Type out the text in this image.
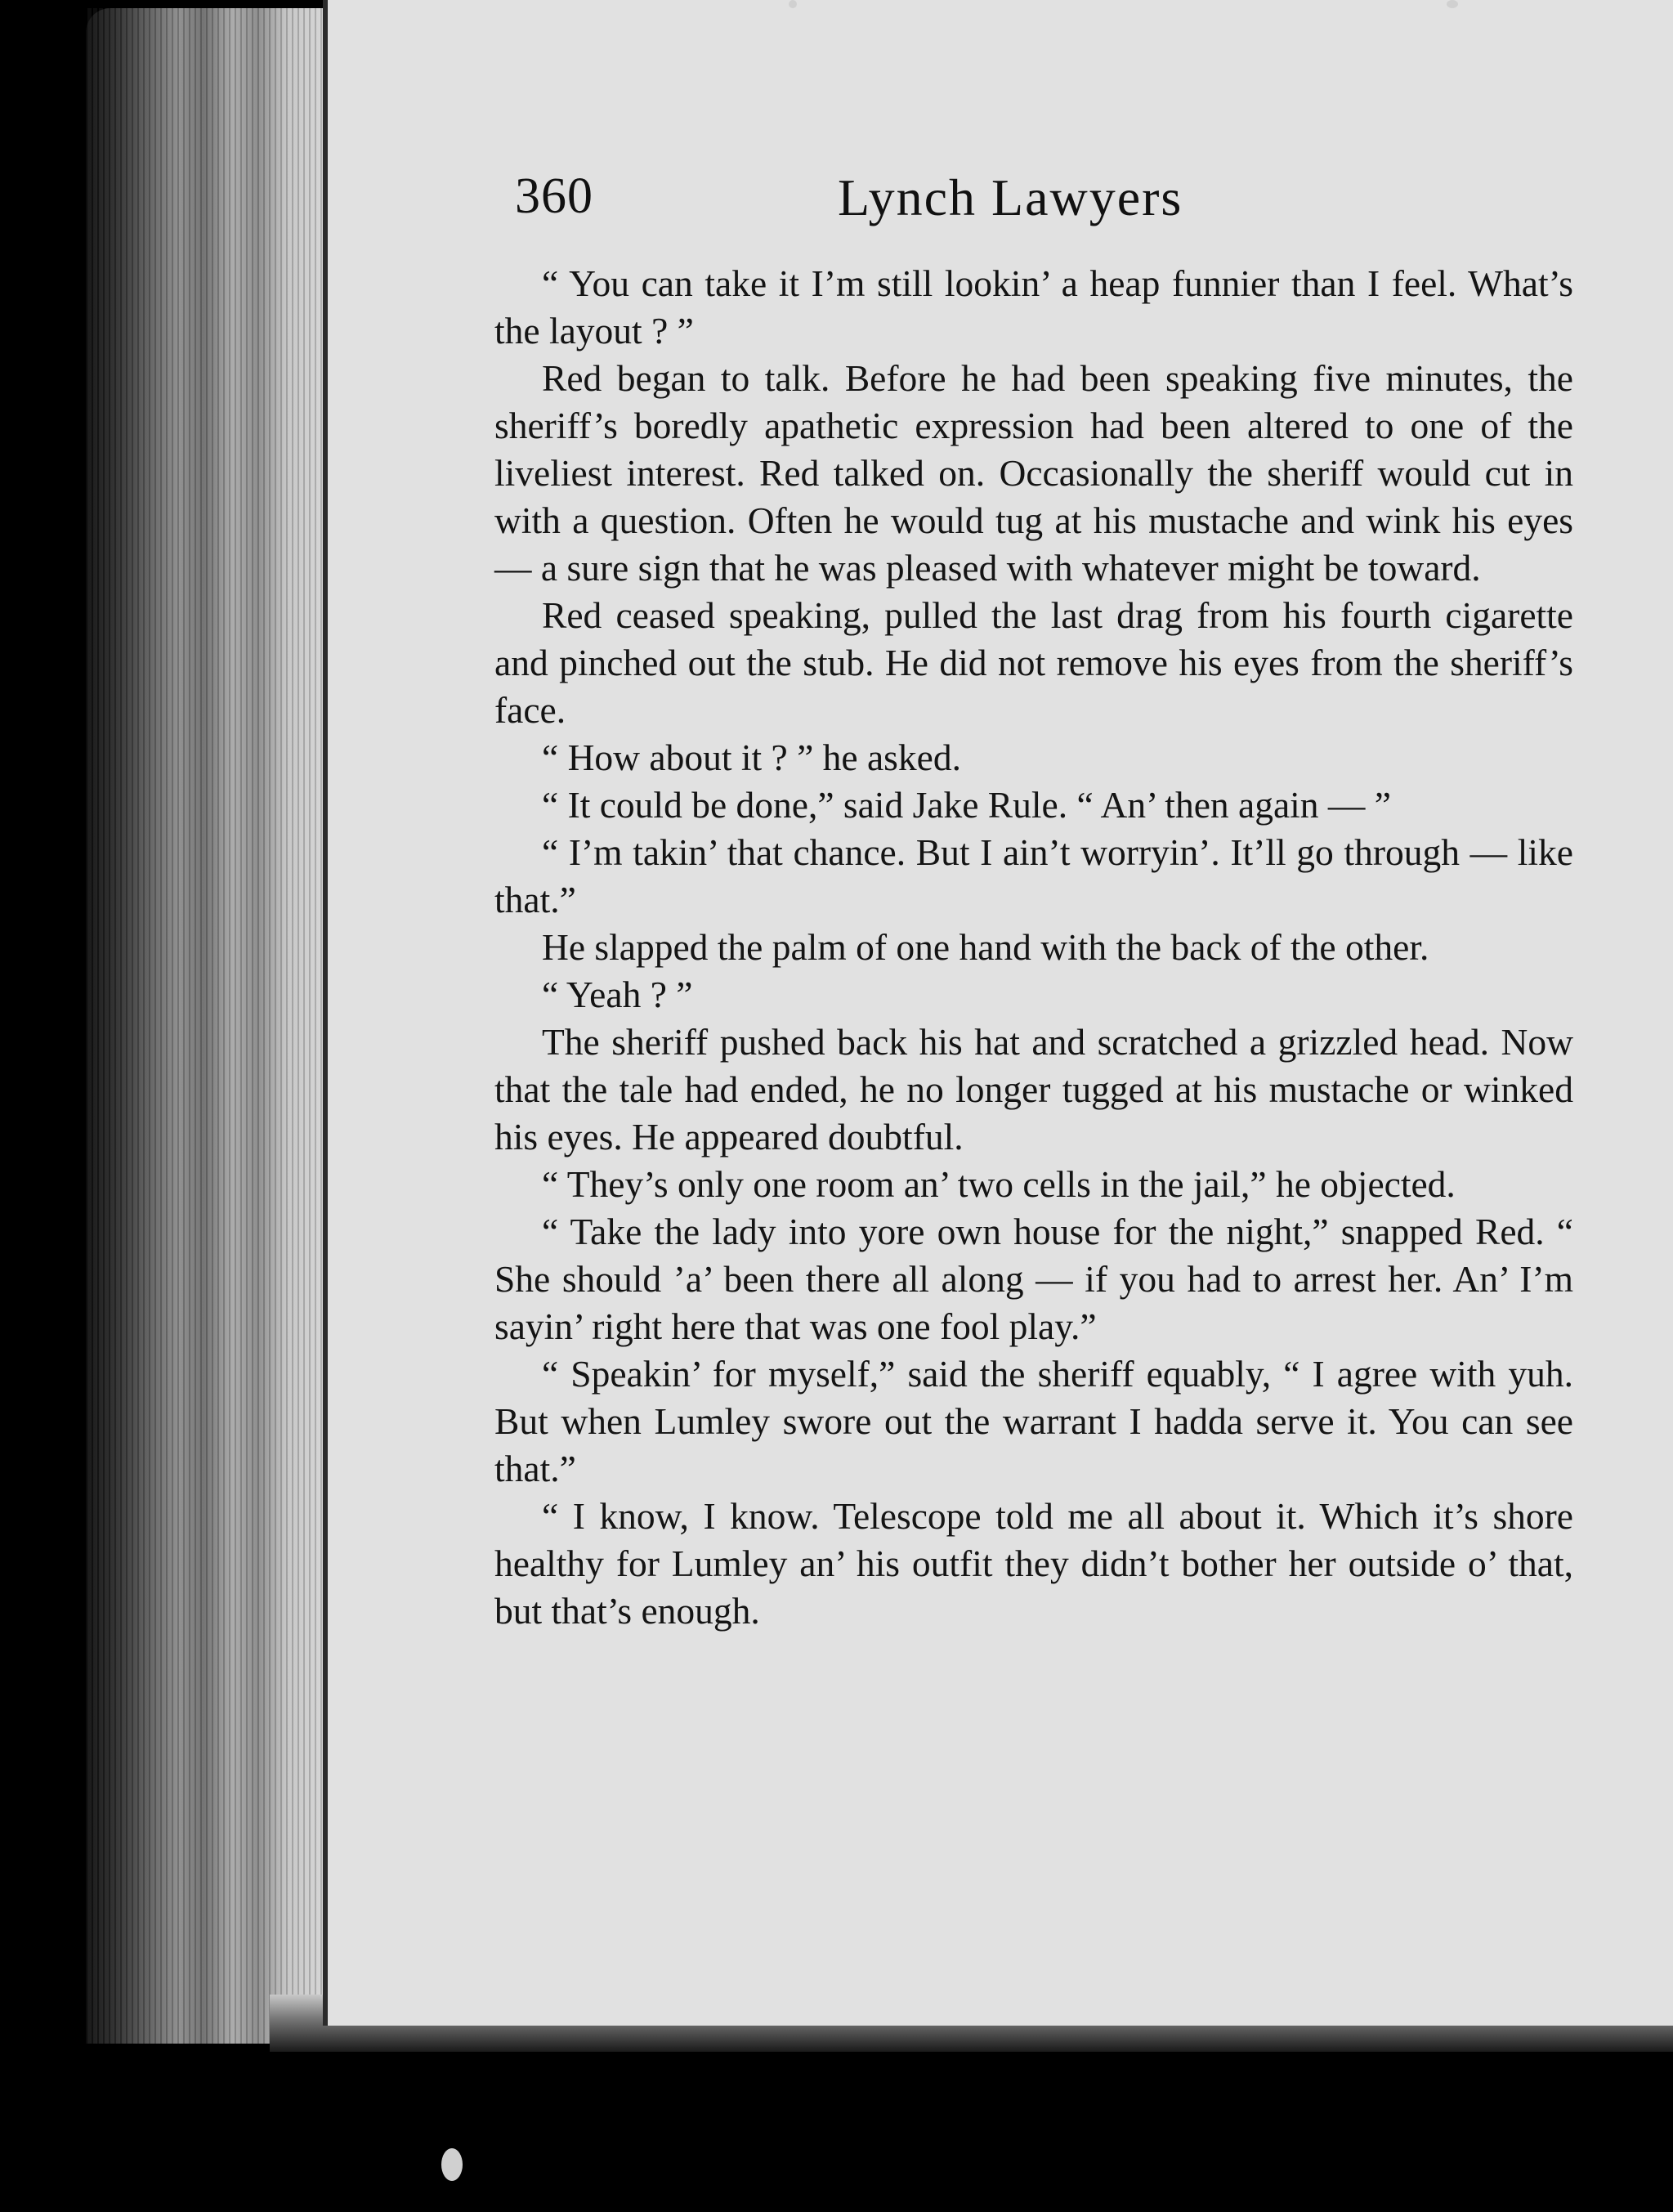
360	Lynch Lawyers

“ You can take it I’m still lookin’ a heap funnier than I feel. What’s the layout ? ”

Red began to talk. Before he had been speaking five minutes, the sheriff’s boredly apathetic expression had been altered to one of the liveliest interest. Red talked on. Occasionally the sheriff would cut in with a question. Often he would tug at his mustache and wink his eyes — a sure sign that he was pleased with whatever might be toward.

Red ceased speaking, pulled the last drag from his fourth cigarette and pinched out the stub. He did not remove his eyes from the sheriff’s face.

“ How about it ? ” he asked.

“ It could be done,” said Jake Rule. “ An’ then again — ”

“ I’m takin’ that chance. But I ain’t worryin’. It’ll go through — like that.”

He slapped the palm of one hand with the back of the other.

“ Yeah ? ”

The sheriff pushed back his hat and scratched a grizzled head. Now that the tale had ended, he no longer tugged at his mustache or winked his eyes. He appeared doubtful.

“ They’s only one room an’ two cells in the jail,” he objected.

“ Take the lady into yore own house for the night,” snapped Red. “ She should ’a’ been there all along — if you had to arrest her. An’ I’m sayin’ right here that was one fool play.”

“ Speakin’ for myself,” said the sheriff equably, “ I agree with yuh. But when Lumley swore out the warrant I hadda serve it. You can see that.”

“ I know, I know. Telescope told me all about it. Which it’s shore healthy for Lumley an’ his outfit they didn’t bother her outside o’ that, but that’s enough.
